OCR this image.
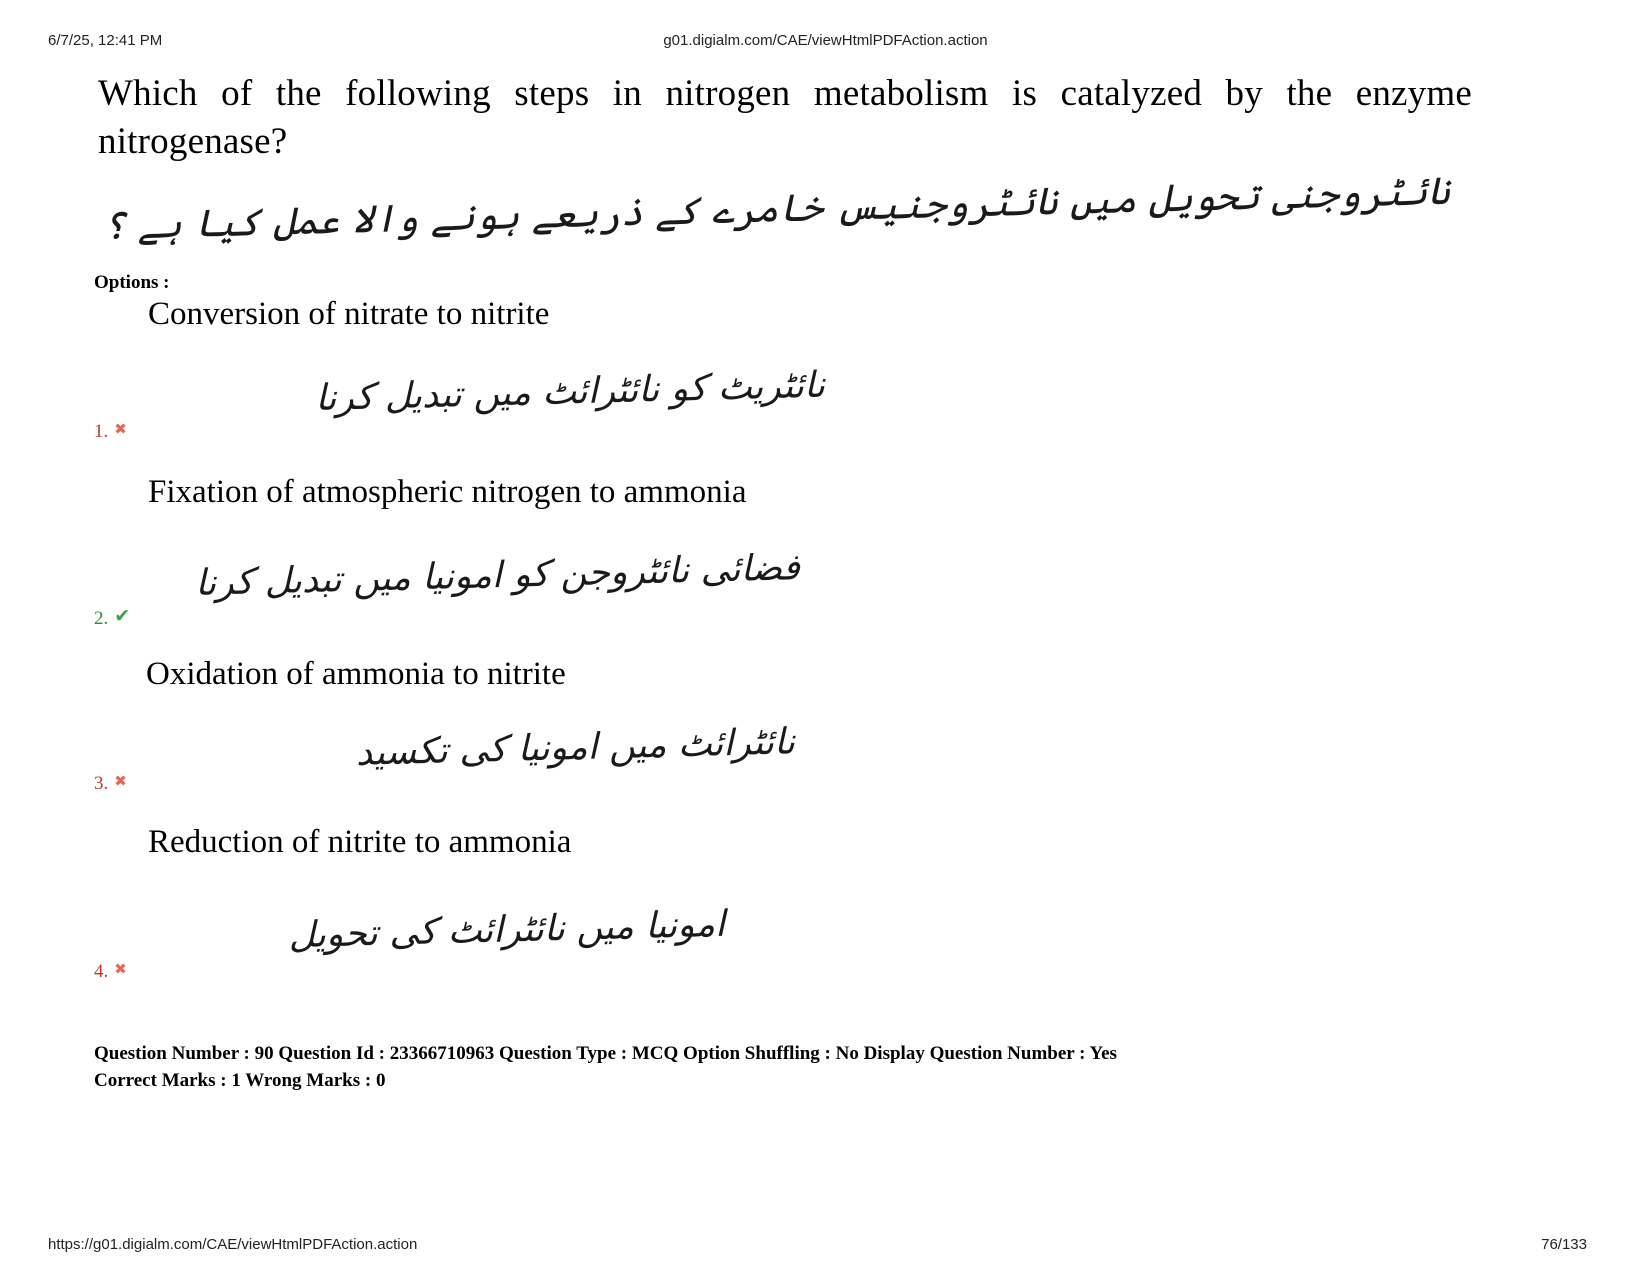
6/7/25, 12:41 PM	g01.digialm.com/CAE/viewHtmlPDFAction.action
Which of the following steps in nitrogen metabolism is catalyzed by the enzyme nitrogenase?
نائٹروجنی تحویل میں نائٹروجنیس خامرے کے ذریعے ہونے والا عمل کیا ہے ؟
Options :
Conversion of nitrate to nitrite
نائٹریٹ کو نائٹرائٹ میں تبدیل کرنا
1. ✖
Fixation of atmospheric nitrogen to ammonia
فضائی نائٹروجن کو امونیا میں تبدیل کرنا
2. ✔
Oxidation of ammonia to nitrite
نائٹرائٹ میں امونیا کی تکسید
3. ✖
Reduction of nitrite to ammonia
امونیا میں نائٹرائٹ کی تحویل
4. ✖
Question Number : 90 Question Id : 23366710963 Question Type : MCQ Option Shuffling : No Display Question Number : Yes
Correct Marks : 1 Wrong Marks : 0
https://g01.digialm.com/CAE/viewHtmlPDFAction.action	76/133
